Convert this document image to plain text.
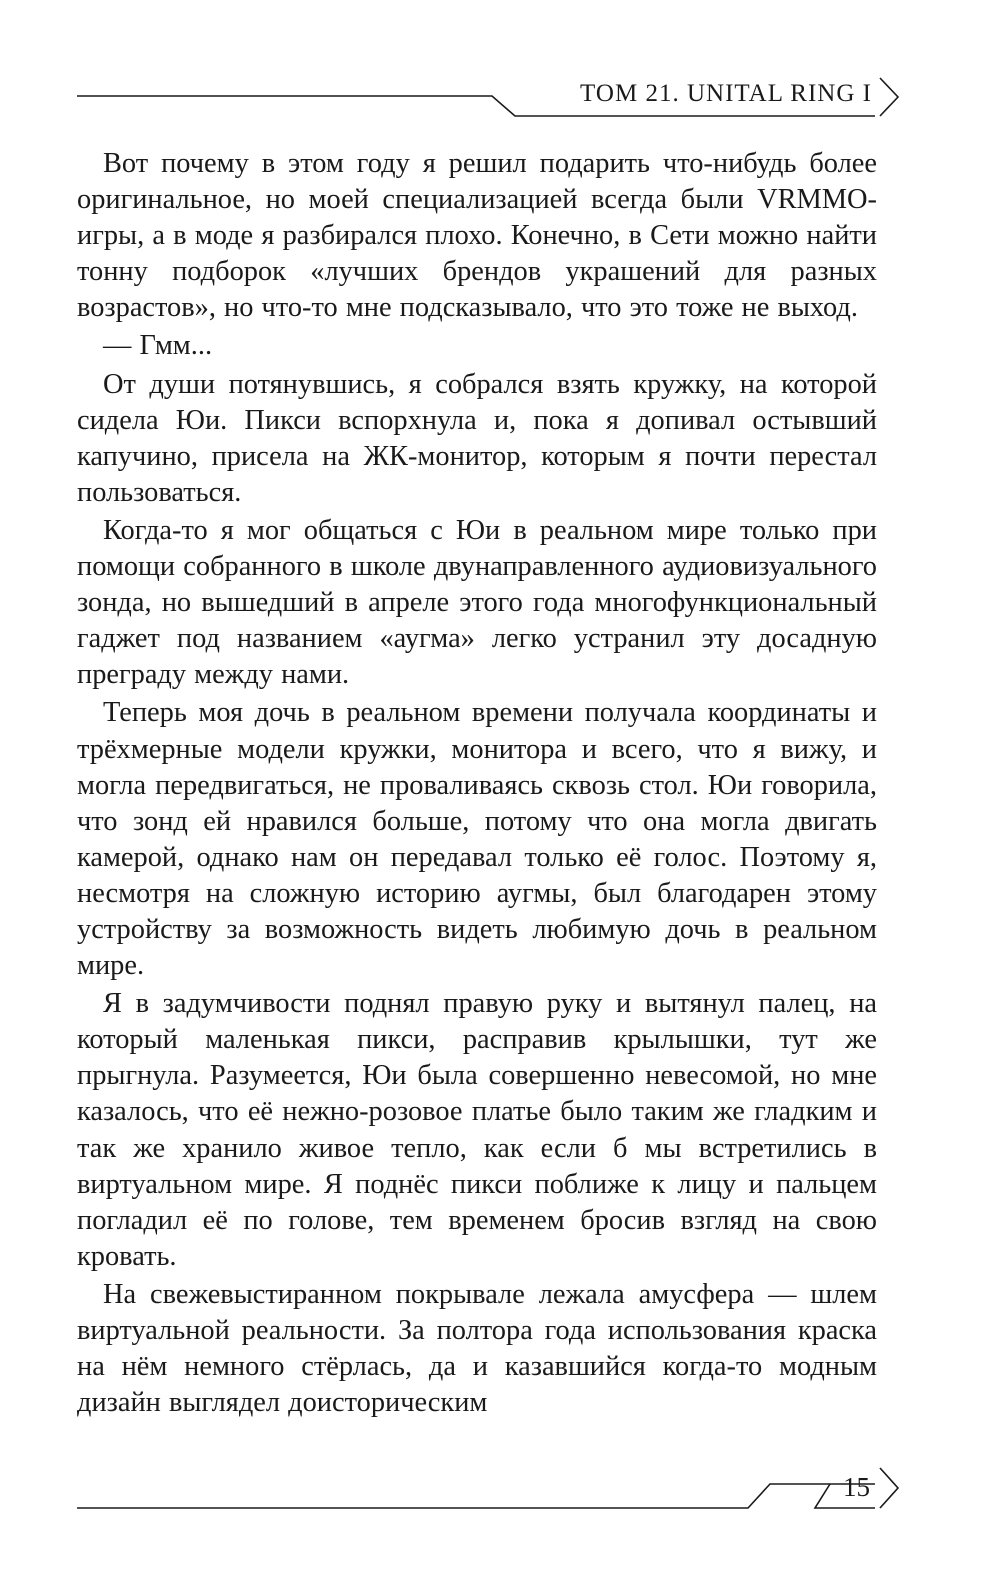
ТОМ 21. UNITAL RING I

Вот почему в этом году я решил подарить что-нибудь более оригинальное, но моей специализацией всегда были VRMMO-игры, а в моде я разбирался плохо. Конечно, в Сети можно найти тонну подборок «лучших брендов украшений для разных возрастов», но что-то мне подсказывало, что это тоже не выход.

— Гмм...

От души потянувшись, я собрался взять кружку, на которой сидела Юи. Пикси вспорхнула и, пока я допивал остывший капучино, присела на ЖК-монитор, которым я почти перестал пользоваться.

Когда-то я мог общаться с Юи в реальном мире только при помощи собранного в школе двунаправленного аудиовизуального зонда, но вышедший в апреле этого года многофункциональный гаджет под названием «аугма» легко устранил эту досадную преграду между нами.

Теперь моя дочь в реальном времени получала координаты и трёхмерные модели кружки, монитора и всего, что я вижу, и могла передвигаться, не проваливаясь сквозь стол. Юи говорила, что зонд ей нравился больше, потому что она могла двигать камерой, однако нам он передавал только её голос. Поэтому я, несмотря на сложную историю аугмы, был благодарен этому устройству за возможность видеть любимую дочь в реальном мире.

Я в задумчивости поднял правую руку и вытянул палец, на который маленькая пикси, расправив крылышки, тут же прыгнула. Разумеется, Юи была совершенно невесомой, но мне казалось, что её нежно-розовое платье было таким же гладким и так же хранило живое тепло, как если б мы встретились в виртуальном мире. Я поднёс пикси поближе к лицу и пальцем погладил её по голове, тем временем бросив взгляд на свою кровать.

На свежевыстиранном покрывале лежала амусфера — шлем виртуальной реальности. За полтора года использования краска на нём немного стёрлась, да и казавшийся когда-то модным дизайн выглядел доисторическим

15
